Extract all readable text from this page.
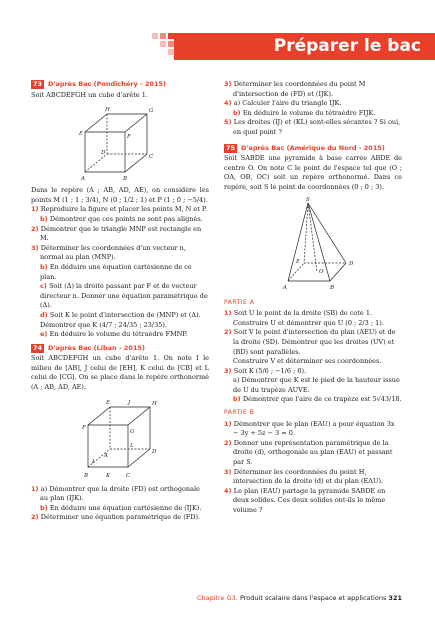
Préparer le bac
73 D'après Bac (Pondichéry - 2015)
Soit ABCDEFGH un cube d'arête 1.
H	G
E	F
D
C
A	B
Dans le repère (A ; AB, AD, AE), on considère les points M (1 ; 1 ; 3/4), N (0 ; 1/2 ; 1) et P (1 ; 0 ; −5/4).
1) Reproduire la figure et placer les points M, N et P.
b) Démontrer que ces points ne sont pas alignés.
2) Démontrer que le triangle MNP est rectangle en M.
3) Déterminer les coordonnées d'un vecteur n, normal au plan (MNP).
b) En déduire une équation cartésienne de ce plan.
c) Soit (Δ) la droite passant par F et de vecteur directeur n. Donner une équation paramétrique de (Δ).
d) Soit K le point d'intersection de (MNP) et (Δ). Démontrer que K (4/7 ; 24/35 ; 23/35).
e) En déduire le volume du tétraèdre FMNP.
74 D'après Bac (Liban - 2015)
Soit ABCDEFGH un cube d'arête 1. On note I le milieu de [AB], J celui de [EH], K celui de [CB] et L celui de [CG]. On se place dans le repère orthonormé (A ; AB, AD, AE).
E	J	H
F
G
L
D
A
I
B	K	C
1) a) Démontrer que la droite (FD) est orthogonale au plan (IJK).
b) En déduire une équation cartésienne de (IJK).
2) Déterminer une équation paramétrique de (FD).
3) Déterminer les coordonnées du point M d'intersection de (FD) et (IJK).
4) a) Calculer l'aire du triangle IJK.
b) En déduire le volume du tétraèdre FIJK.
5) Les droites (IJ) et (KL) sont-elles sécantes ? Si oui, en quel point ?
75 D'après Bac (Amérique du Nord - 2015)
Soit SABDE une pyramide à base carrée ABDE de centre O. On note C le point de l'espace tel que (O ; OA, OB, OC) soit un repère orthonormé. Dans ce repère, soit S le point de coordonnées (0 ; 0 ; 3).
S
E	D
O
A	B
PARTIE A
1) Soit U le point de la droite (SB) de cote 1. Construire U et démontrer que U (0 ; 2/3 ; 1).
2) Soit V le point d'intersection du plan (AEU) et de la droite (SD). Démontrer que les droites (UV) et (BD) sont parallèles.
Construire V et déterminer ses coordonnées.
3) Soit K (5/6 ; −1/6 ; 0).
a) Démontrer que K est le pied de la hauteur issue de U du trapèze AUVE.
b) Démontrer que l'aire de ce trapèze est 5√43/18.
PARTIE B
1) Démontrer que le plan (EAU) a pour équation 3x − 3y + 5z − 3 = 0.
2) Donner une représentation paramétrique de la droite (d), orthogonale au plan (EAU) et passant par S.
3) Déterminer les coordonnées du point H, intersection de la droite (d) et du plan (EAU).
4) Le plan (EAU) partage la pyramide SABDE en deux solides. Ces deux solides ont-ils le même volume ?
Chapitre G3. Produit scalaire dans l'espace et applications 321
